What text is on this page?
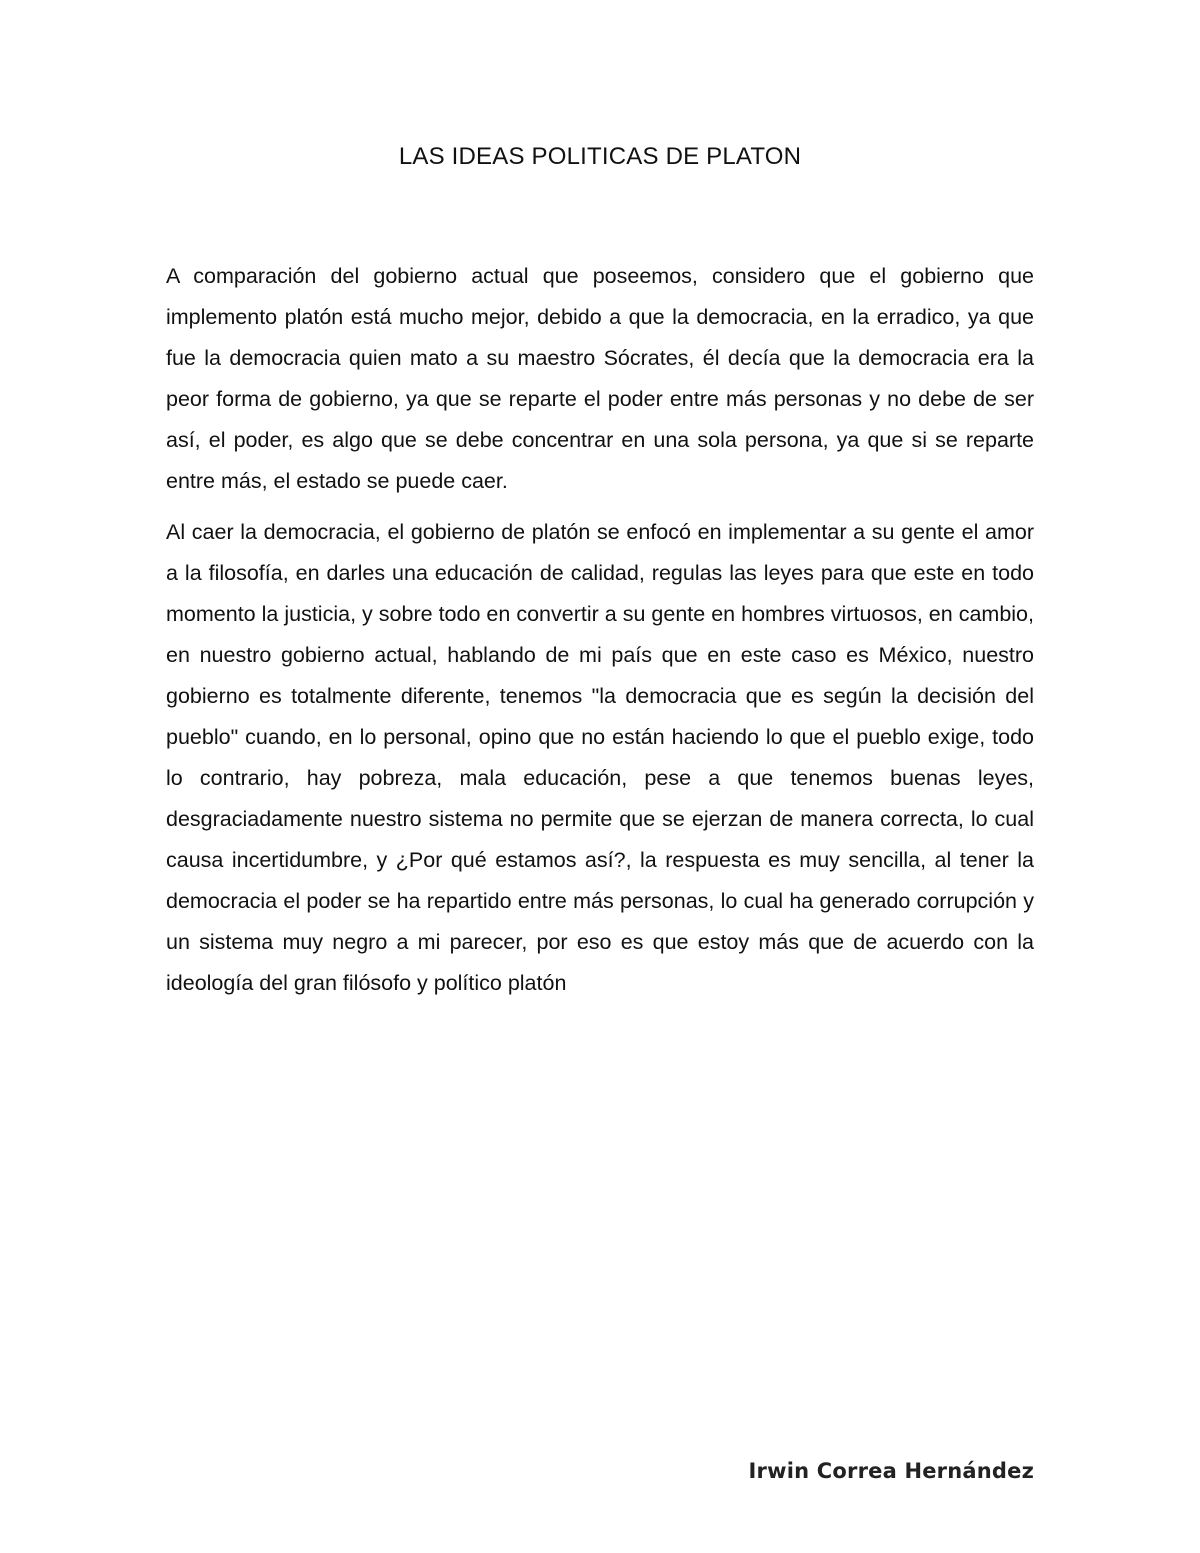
LAS IDEAS POLITICAS DE PLATON

A comparación del gobierno actual que poseemos, considero que el gobierno que implemento platón está mucho mejor, debido a que la democracia, en la erradico, ya que fue la democracia quien mato a su maestro Sócrates, él decía que la democracia era la peor forma de gobierno, ya que se reparte el poder entre más personas y no debe de ser así, el poder, es algo que se debe concentrar en una sola persona, ya que si se reparte entre más, el estado se puede caer.

Al caer la democracia, el gobierno de platón se enfocó en implementar a su gente el amor a la filosofía, en darles una educación de calidad, regulas las leyes para que este en todo momento la justicia, y sobre todo en convertir a su gente en hombres virtuosos, en cambio, en nuestro gobierno actual, hablando de mi país que en este caso es México, nuestro gobierno es totalmente diferente, tenemos "la democracia que es según la decisión del pueblo" cuando, en lo personal, opino que no están haciendo lo que el pueblo exige, todo lo contrario, hay pobreza, mala educación, pese a que tenemos buenas leyes, desgraciadamente nuestro sistema no permite que se ejerzan de manera correcta, lo cual causa incertidumbre, y ¿Por qué estamos así?, la respuesta es muy sencilla, al tener la democracia el poder se ha repartido entre más personas, lo cual ha generado corrupción y un sistema muy negro a mi parecer, por eso es que estoy más que de acuerdo con la ideología del gran filósofo y político platón

Irwin Correa Hernández
